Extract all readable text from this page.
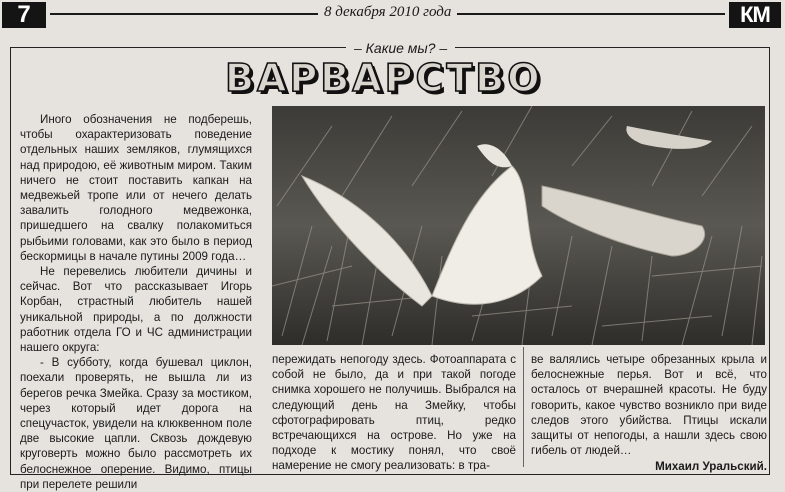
7	8 декабря 2010 года	КМ
– Какие мы? –
ВАРВАРСТВО

Иного обозначения не подберешь, чтобы охарактеризовать поведение отдельных наших земляков, глумящихся над природою, её животным миром. Таким ничего не стоит поставить капкан на медвежьей тропе или от нечего делать завалить голодного медвежонка, пришедшего на свалку полакомиться рыбьими головами, как это было в период бескормицы в начале путины 2009 года…

Не перевелись любители дичины и сейчас. Вот что рассказывает Игорь Корбан, страстный любитель нашей уникальной природы, а по должности работник отдела ГО и ЧС администрации нашего округа:

- В субботу, когда бушевал циклон, поехали проверять, не вышла ли из берегов речка Змейка. Сразу за мостиком, через который идет дорога на спецучасток, увидели на клюквенном поле две высокие цапли. Сквозь дождевую круговерть можно было рассмотреть их белоснежное оперение. Видимо, птицы при перелете решили

пережидать непогоду здесь. Фотоаппарата с собой не было, да и при такой погоде снимка хорошего не получишь. Выбрался на следующий день на Змейку, чтобы сфотографировать птиц, редко встречающихся на острове. Но уже на подходе к мостику понял, что своё намерение не смогу реализовать: в тра-

ве валялись четыре обрезанных крыла и белоснежные перья. Вот и всё, что осталось от вчерашней красоты. Не буду говорить, какое чувство возникло при виде следов этого убийства. Птицы искали защиты от непогоды, а нашли здесь свою гибель от людей…

Михаил Уральский.
